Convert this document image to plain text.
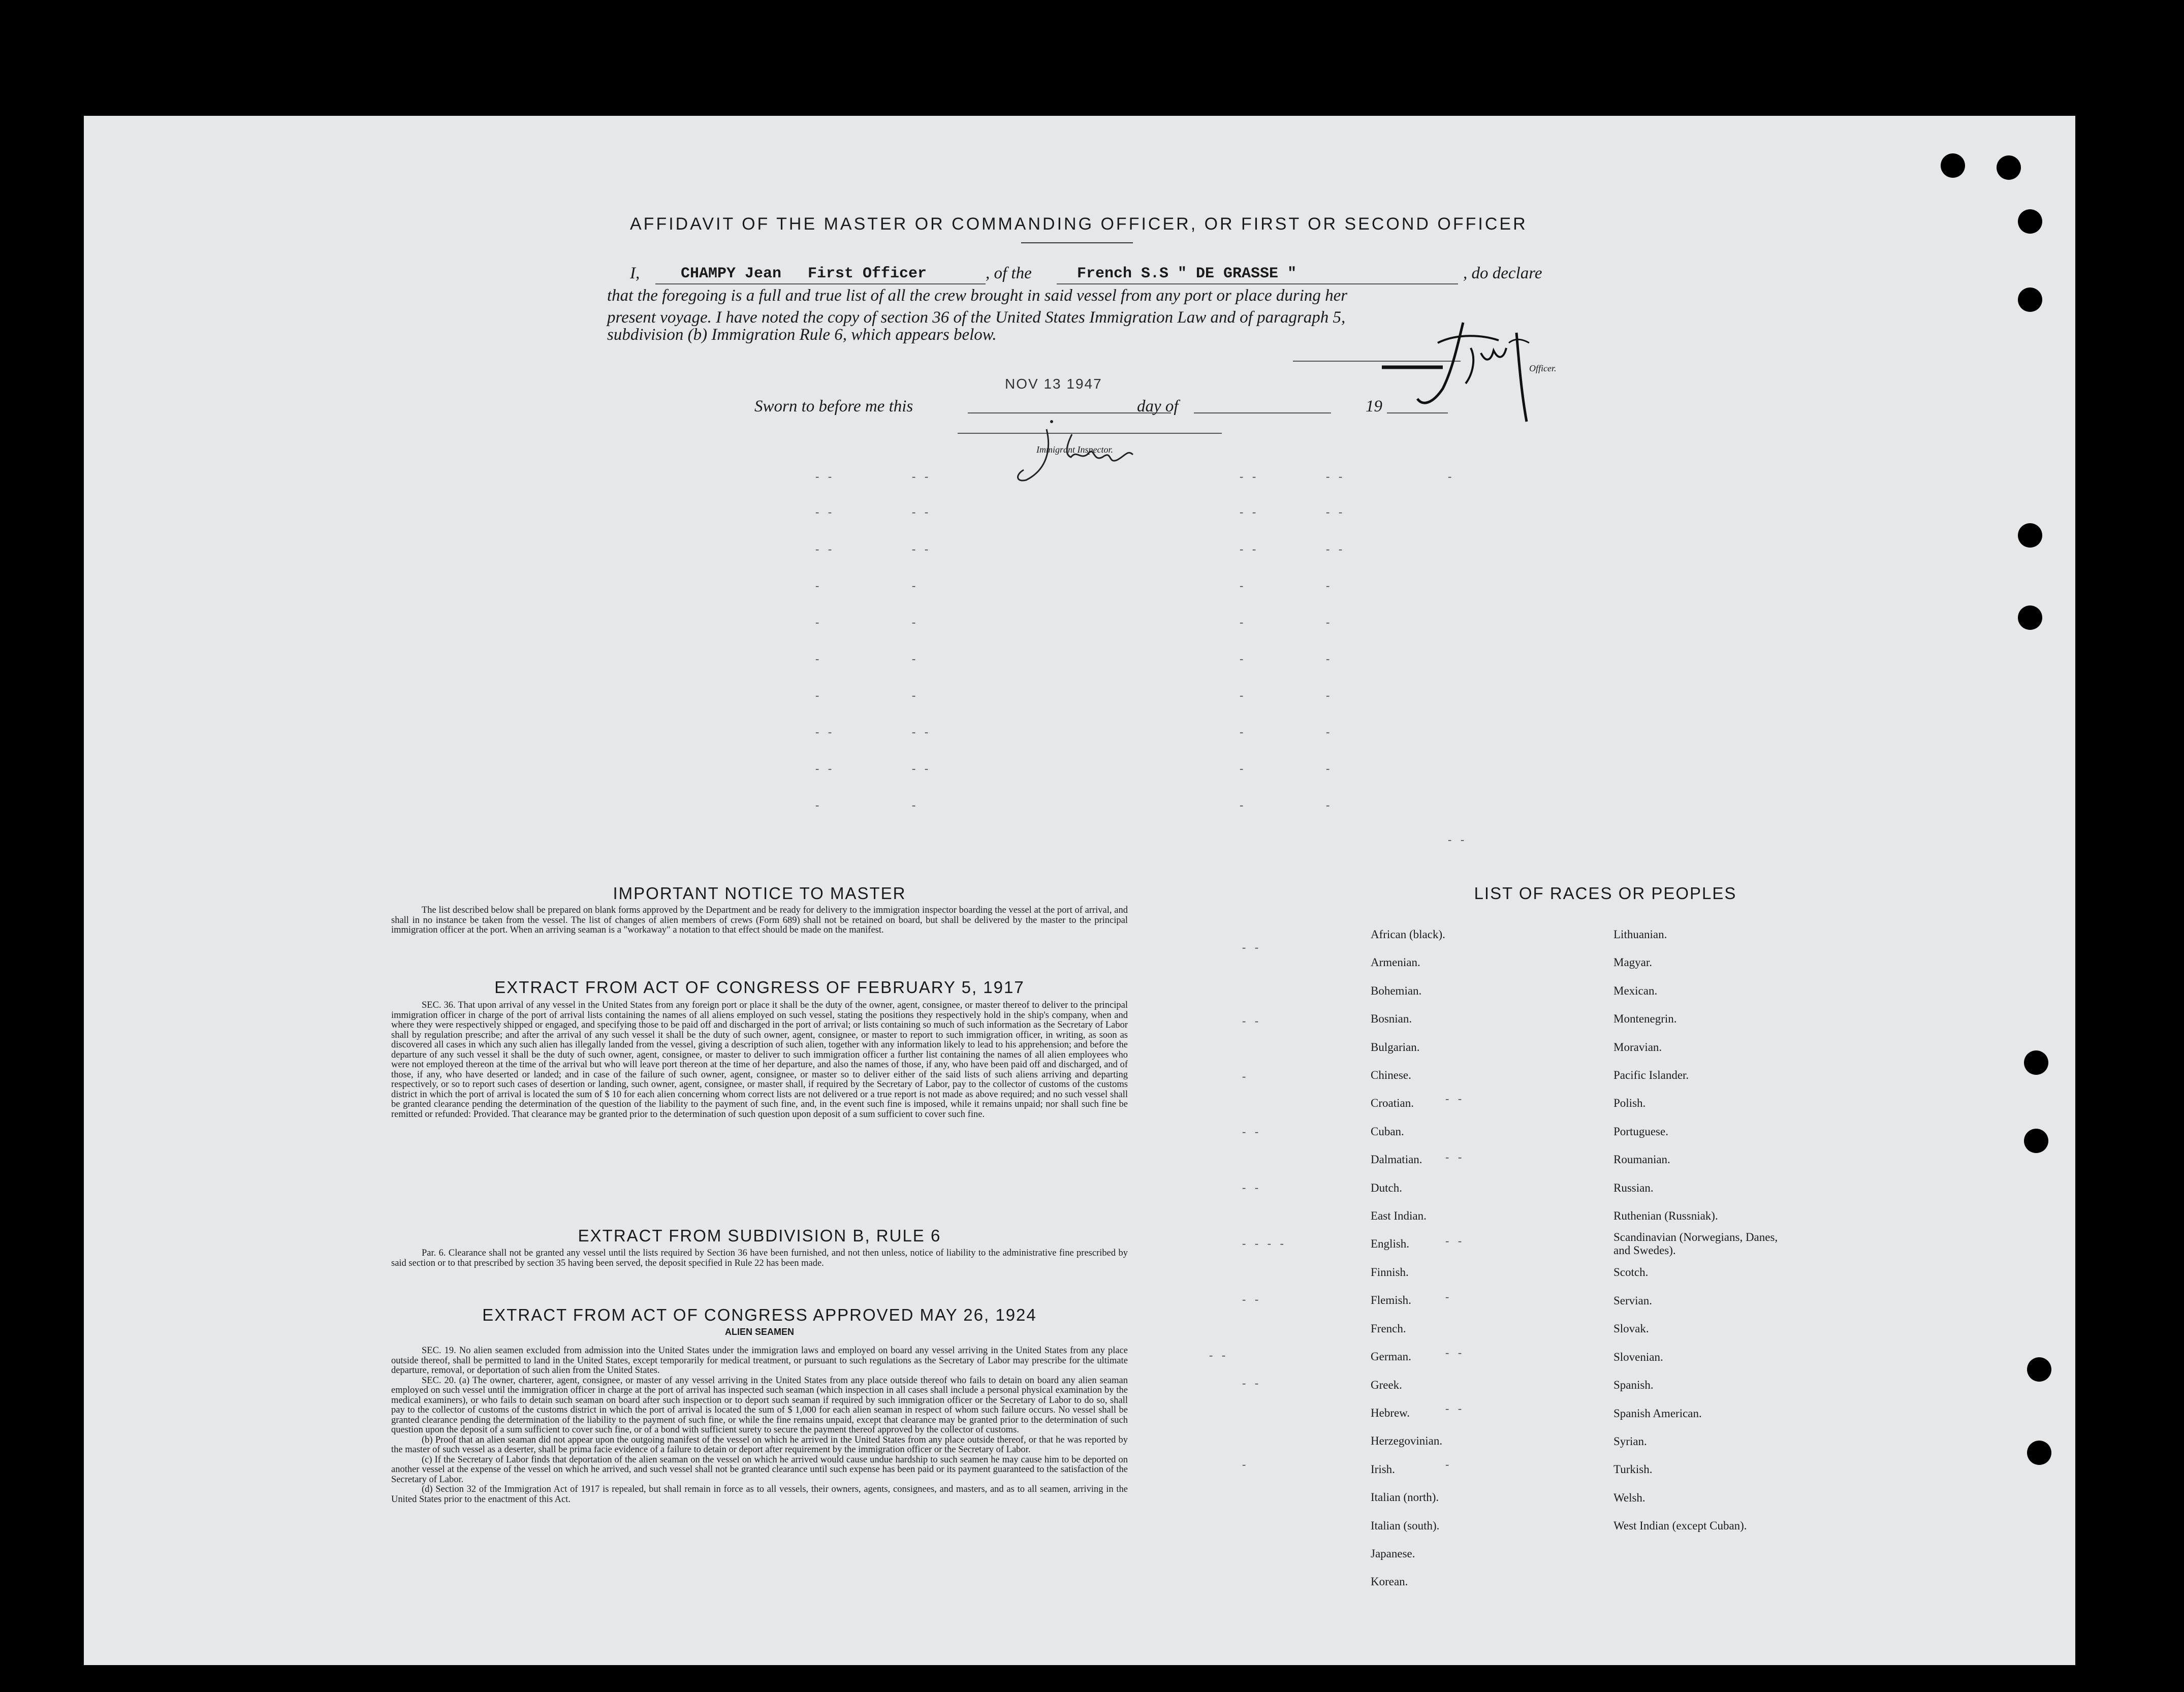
AFFIDAVIT OF THE MASTER OR COMMANDING OFFICER, OR FIRST OR SECOND OFFICER
I,	CHAMPY Jean First Officer	, of the	French S.S " DE GRASSE "	, do declare
that the foregoing is a full and true list of all the crew brought in said vessel from any port or place during her
present voyage. I have noted the copy of section 36 of the United States Immigration Law and of paragraph 5,
subdivision (b) Immigration Rule 6, which appears below.
Officer.
Sworn to before me this
NOV 13 1947
day of	19
Immigrant Inspector.
- -	- -	- -	- -	-
- -	- -	- -	- -
- -	- -	- -	- -
-	-	-	-
-	-	-	-
-	-	-	-
-	-	-	-
- -	- -	-	-
- -	- -	-	-
-	-	-	-
- -
IMPORTANT NOTICE TO MASTER

The list described below shall be prepared on blank forms approved by the Department and be ready for delivery to the immigration inspector boarding the vessel at the port of arrival, and shall in no instance be taken from the vessel. The list of changes of alien members of crews (Form 689) shall not be retained on board, but shall be delivered by the master to the principal immigration officer at the port. When an arriving seaman is a "workaway" a notation to that effect should be made on the manifest.

EXTRACT FROM ACT OF CONGRESS OF FEBRUARY 5, 1917

SEC. 36. That upon arrival of any vessel in the United States from any foreign port or place it shall be the duty of the owner, agent, consignee, or master thereof to deliver to the principal immigration officer in charge of the port of arrival lists containing the names of all aliens employed on such vessel, stating the positions they respectively hold in the ship's company, when and where they were respectively shipped or engaged, and specifying those to be paid off and discharged in the port of arrival; or lists containing so much of such information as the Secretary of Labor shall by regulation prescribe; and after the arrival of any such vessel it shall be the duty of such owner, agent, consignee, or master to report to such immigration officer, in writing, as soon as discovered all cases in which any such alien has illegally landed from the vessel, giving a description of such alien, together with any information likely to lead to his apprehension; and before the departure of any such vessel it shall be the duty of such owner, agent, consignee, or master to deliver to such immigration officer a further list containing the names of all alien employees who were not employed thereon at the time of the arrival but who will leave port thereon at the time of her departure, and also the names of those, if any, who have been paid off and discharged, and of those, if any, who have deserted or landed; and in case of the failure of such owner, agent, consignee, or master so to deliver either of the said lists of such aliens arriving and departing respectively, or so to report such cases of desertion or landing, such owner, agent, consignee, or master shall, if required by the Secretary of Labor, pay to the collector of customs of the customs district in which the port of arrival is located the sum of $ 10 for each alien concerning whom correct lists are not delivered or a true report is not made as above required; and no such vessel shall be granted clearance pending the determination of the question of the liability to the payment of such fine, and, in the event such fine is imposed, while it remains unpaid; nor shall such fine be remitted or refunded: Provided. That clearance may be granted prior to the determination of such question upon deposit of a sum sufficient to cover such fine.

EXTRACT FROM SUBDIVISION B, RULE 6

Par. 6. Clearance shall not be granted any vessel until the lists required by Section 36 have been furnished, and not then unless, notice of liability to the administrative fine prescribed by said section or to that prescribed by section 35 having been served, the deposit specified in Rule 22 has been made.

EXTRACT FROM ACT OF CONGRESS APPROVED MAY 26, 1924
ALIEN SEAMEN

SEC. 19. No alien seamen excluded from admission into the United States under the immigration laws and employed on board any vessel arriving in the United States from any place outside thereof, shall be permitted to land in the United States, except temporarily for medical treatment, or pursuant to such regulations as the Secretary of Labor may prescribe for the ultimate departure, removal, or deportation of such alien from the United States.

SEC. 20. (a) The owner, charterer, agent, consignee, or master of any vessel arriving in the United States from any place outside thereof who fails to detain on board any alien seaman employed on such vessel until the immigration officer in charge at the port of arrival has inspected such seaman (which inspection in all cases shall include a personal physical examination by the medical examiners), or who fails to detain such seaman on board after such inspection or to deport such seaman if required by such immigration officer or the Secretary of Labor to do so, shall pay to the collector of customs of the customs district in which the port of arrival is located the sum of $ 1,000 for each alien seaman in respect of whom such failure occurs. No vessel shall be granted clearance pending the determination of the liability to the payment of such fine, or while the fine remains unpaid, except that clearance may be granted prior to the determination of such question upon the deposit of a sum sufficient to cover such fine, or of a bond with sufficient surety to secure the payment thereof approved by the collector of customs.

(b) Proof that an alien seaman did not appear upon the outgoing manifest of the vessel on which he arrived in the United States from any place outside thereof, or that he was reported by the master of such vessel as a deserter, shall be prima facie evidence of a failure to detain or deport after requirement by the immigration officer or the Secretary of Labor.

(c) If the Secretary of Labor finds that deportation of the alien seaman on the vessel on which he arrived would cause undue hardship to such seamen he may cause him to be deported on another vessel at the expense of the vessel on which he arrived, and such vessel shall not be granted clearance until such expense has been paid or its payment guaranteed to the satisfaction of the Secretary of Labor.

(d) Section 32 of the Immigration Act of 1917 is repealed, but shall remain in force as to all vessels, their owners, agents, consignees, and masters, and as to all seamen, arriving in the United States prior to the enactment of this Act.

LIST OF RACES OR PEOPLES
African (black).
Armenian.
Bohemian.
Bosnian.
Bulgarian.
Chinese.
Croatian.
Cuban.
Dalmatian.
Dutch.
East Indian.
English.
Finnish.
Flemish.
French.
German.
Greek.
Hebrew.
Herzegovinian.
Irish.
Italian (north).
Italian (south).
Japanese.
Korean.
Lithuanian.
Magyar.
Mexican.
Montenegrin.
Moravian.
Pacific Islander.
Polish.
Portuguese.
Roumanian.
Russian.
Ruthenian (Russniak).
Scandinavian (Norwegians, Danes, and Swedes).
Scotch.
Servian.
Slovak.
Slovenian.
Spanish.
Spanish American.
Syrian.
Turkish.
Welsh.
West Indian (except Cuban).
- -
- -
-
- -
- -
- - - -
- -
- -
- -
-
- -
- -
- -
-
- -
- -
-
